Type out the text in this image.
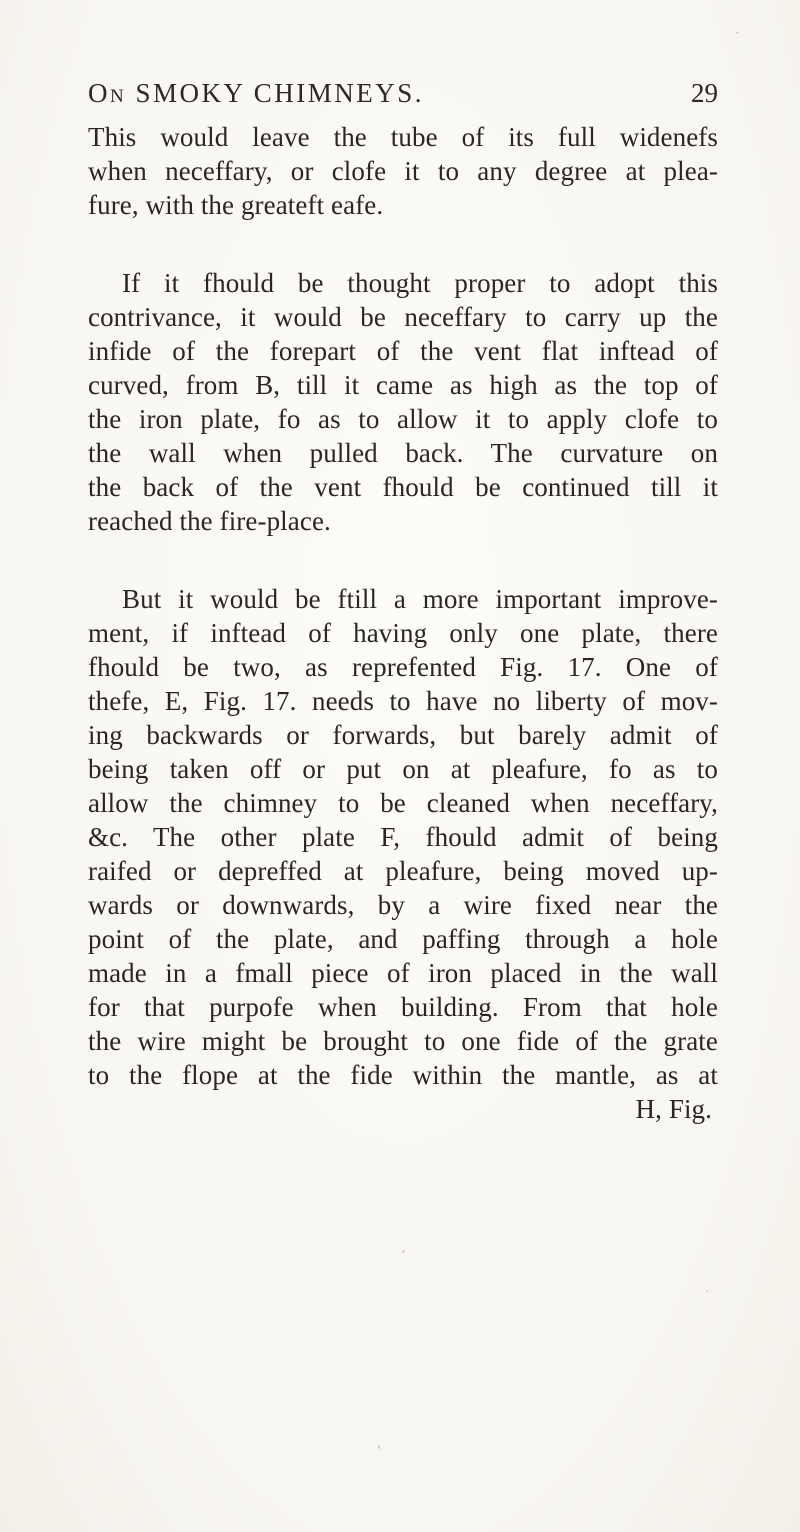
On SMOKY CHIMNEYS.	29
This would leave the tube of its full widenefs
when neceffary, or clofe it to any degree at plea-
fure, with the greateft eafe.
If it fhould be thought proper to adopt this
contrivance, it would be neceffary to carry up the
infide of the forepart of the vent flat inftead of
curved, from B, till it came as high as the top of
the iron plate, fo as to allow it to apply clofe to
the wall when pulled back. The curvature on
the back of the vent fhould be continued till it
reached the fire-place.
But it would be ftill a more important improve-
ment, if inftead of having only one plate, there
fhould be two, as reprefented Fig. 17. One of
thefe, E, Fig. 17. needs to have no liberty of mov-
ing backwards or forwards, but barely admit of
being taken off or put on at pleafure, fo as to
allow the chimney to be cleaned when neceffary,
&c. The other plate F, fhould admit of being
raifed or depreffed at pleafure, being moved up-
wards or downwards, by a wire fixed near the
point of the plate, and paffing through a hole
made in a fmall piece of iron placed in the wall
for that purpofe when building. From that hole
the wire might be brought to one fide of the grate
to the flope at the fide within the mantle, as at
H, Fig.
